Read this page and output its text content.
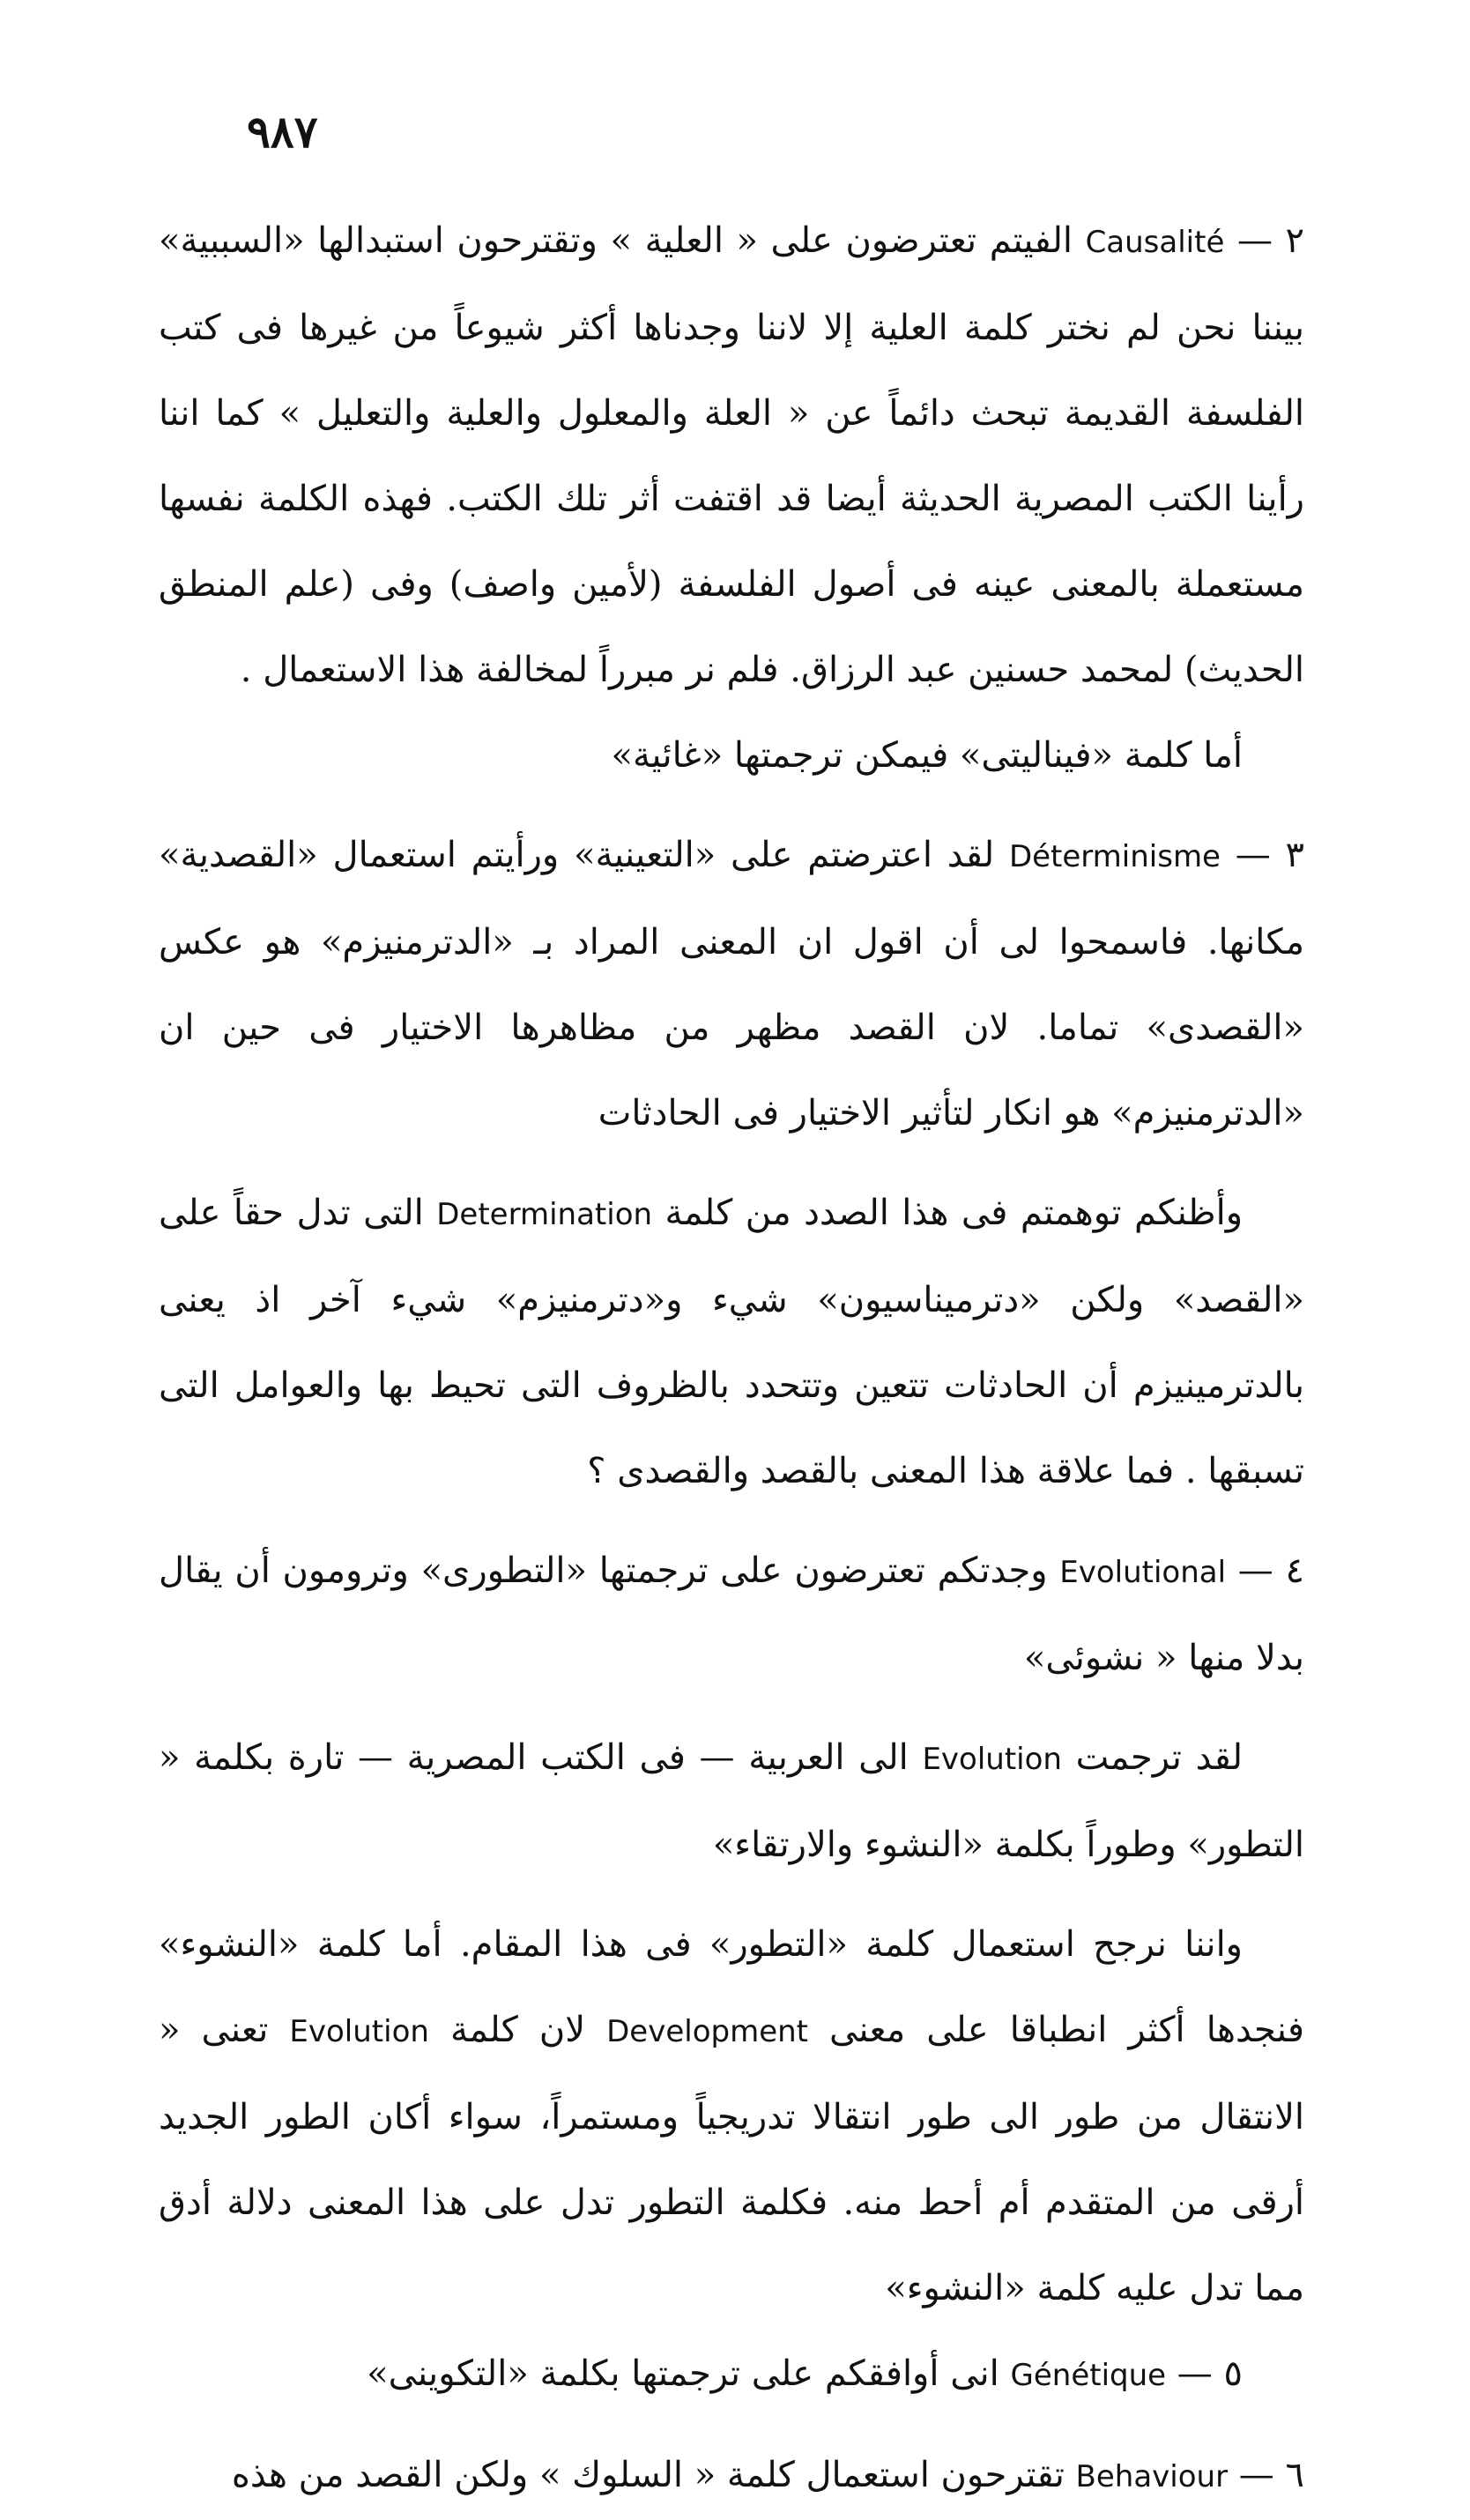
٩٨٧

٢ — Causalité الفيتم تعترضون على « العلية » وتقترحون استبدالها «السببية» بيننا نحن لم نختر كلمة العلية إلا لاننا وجدناها أكثر شيوعاً من غيرها فى كتب الفلسفة القديمة تبحث دائماً عن « العلة والمعلول والعلية والتعليل » كما اننا رأينا الكتب المصرية الحديثة أيضا قد اقتفت أثر تلك الكتب. فهذه الكلمة نفسها مستعملة بالمعنى عينه فى أصول الفلسفة (لأمين واصف) وفى (علم المنطق الحديث) لمحمد حسنين عبد الرزاق. فلم نر مبرراً لمخالفة هذا الاستعمال .

أما كلمة «فينالیتی» فيمكن ترجمتها «غائية»

٣ — Déterminisme لقد اعترضتم على «التعينية» ورأيتم استعمال «القصدية» مكانها. فاسمحوا لى أن اقول ان المعنى المراد بـ «الدترمنيزم» هو عكس «القصدى» تماما. لان القصد مظهر من مظاهرها الاختيار فى حين ان «الدترمنيزم» هو انكار لتأثير الاختيار فى الحادثات

وأظنكم توهمتم فى هذا الصدد من كلمة Determination التى تدل حقاً على «القصد» ولكن «دترميناسيون» شيء و«دترمنيزم» شيء آخر اذ يعنى بالدترمينيزم أن الحادثات تتعين وتتحدد بالظروف التى تحيط بها والعوامل التى تسبقها . فما علاقة هذا المعنى بالقصد والقصدى ؟

٤ — Evolutional وجدتكم تعترضون على ترجمتها «التطورى» وترومون أن يقال بدلا منها « نشوئى»

لقد ترجمت Evolution الى العربية — فى الكتب المصرية — تارة بكلمة « التطور» وطوراً بكلمة «النشوء والارتقاء»

واننا نرجح استعمال كلمة «التطور» فى هذا المقام. أما كلمة «النشوء» فنجدها أكثر انطباقا على معنى Development لان كلمة Evolution تعنى « الانتقال من طور الى طور انتقالا تدريجياً ومستمراً، سواء أكان الطور الجديد أرقى من المتقدم أم أحط منه. فكلمة التطور تدل على هذا المعنى دلالة أدق مما تدل عليه كلمة «النشوء»

٥ — Génétique انى أوافقكم على ترجمتها بكلمة «التكوينى»

٦ — Behaviour تقترحون استعمال كلمة « السلوك » ولكن القصد من هذه
